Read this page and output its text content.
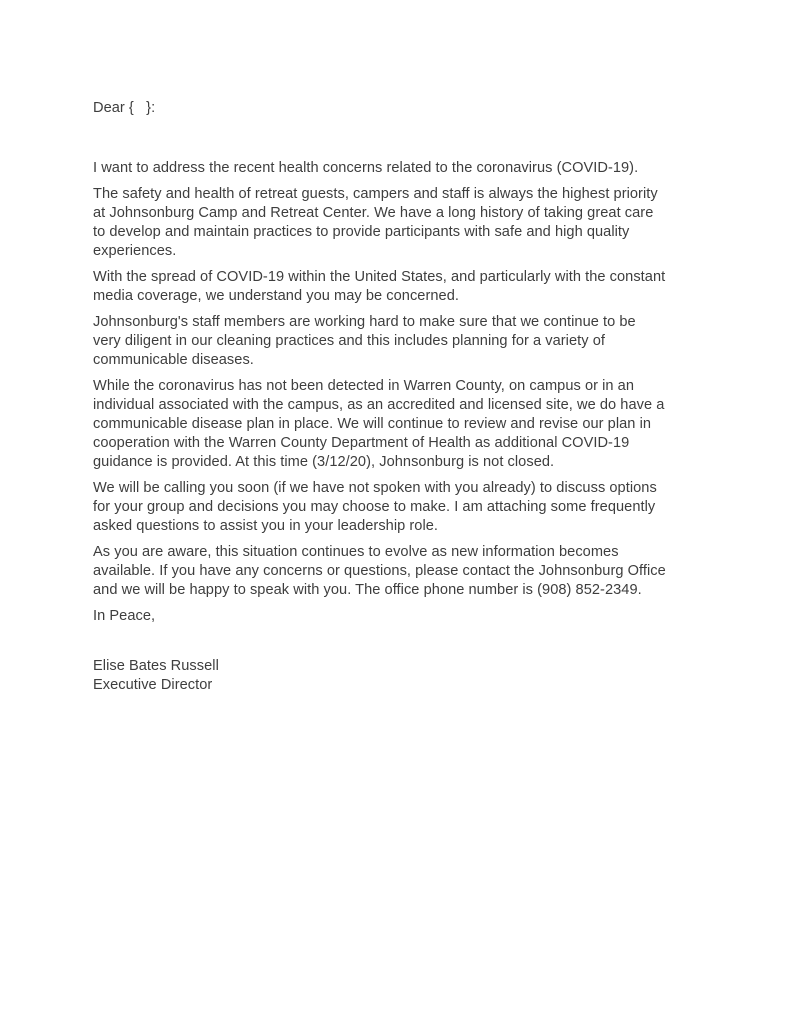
Dear {   }:

I want to address the recent health concerns related to the coronavirus (COVID-19).

The safety and health of retreat guests, campers and staff is always the highest priority
at Johnsonburg Camp and Retreat Center. We have a long history of taking great care
to develop and maintain practices to provide participants with safe and high quality
experiences.

With the spread of COVID-19 within the United States, and particularly with the constant
media coverage, we understand you may be concerned.

Johnsonburg's staff members are working hard to make sure that we continue to be
very diligent in our cleaning practices and this includes planning for a variety of
communicable diseases.

While the coronavirus has not been detected in Warren County, on campus or in an
individual associated with the campus, as an accredited and licensed site, we do have a
communicable disease plan in place. We will continue to review and revise our plan in
cooperation with the Warren County Department of Health as additional COVID-19
guidance is provided. At this time (3/12/20), Johnsonburg is not closed.

We will be calling you soon (if we have not spoken with you already) to discuss options
for your group and decisions you may choose to make. I am attaching some frequently
asked questions to assist you in your leadership role.

As you are aware, this situation continues to evolve as new information becomes
available. If you have any concerns or questions, please contact the Johnsonburg Office
and we will be happy to speak with you. The office phone number is (908) 852-2349.

In Peace,

Elise Bates Russell
Executive Director
